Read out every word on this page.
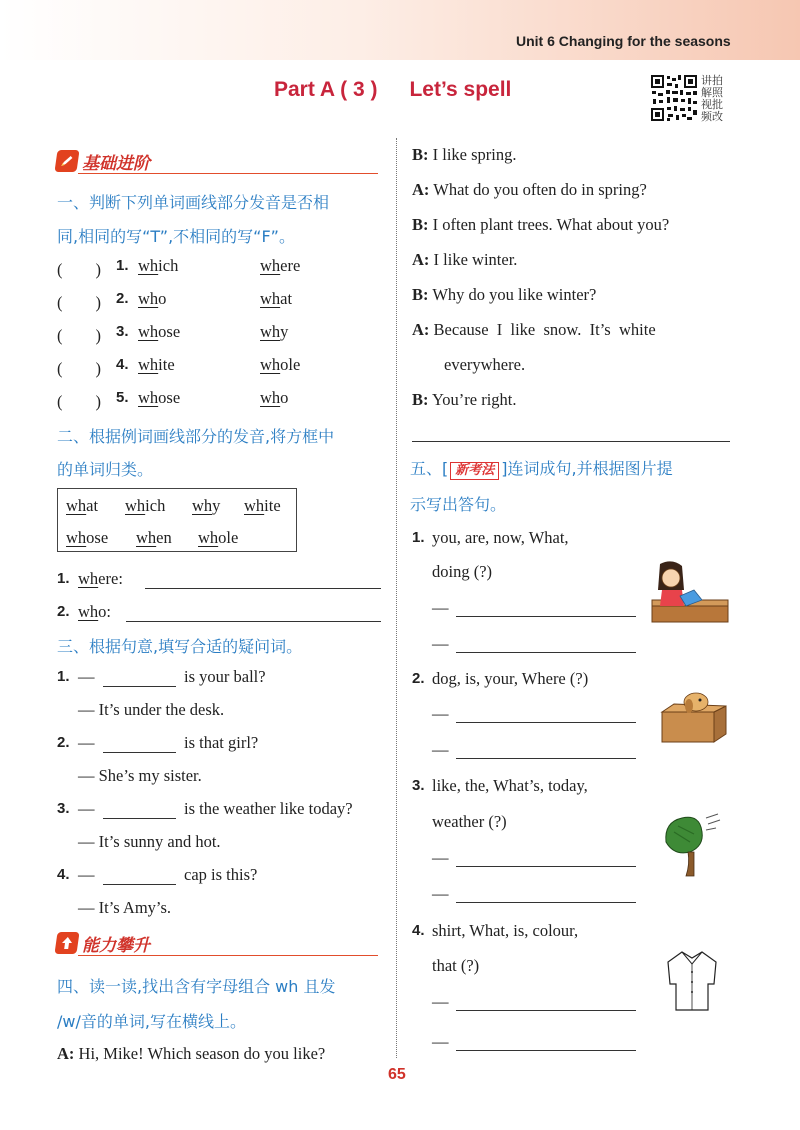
Unit 6 Changing for the seasons
Part A ( 3 ) Let’s spell	讲拍
解照
视批
频改
基础进阶
一、判断下列单词画线部分发音是否相
同,相同的写“T”,不相同的写“F”。
(　　) 1. which	where
(　　) 2. who	what
(　　) 3. whose	why
(　　) 4. white	whole
(　　) 5. whose	who
二、根据例词画线部分的发音,将方框中
的单词归类。
what which why white
whose when whole
1. where:
2. who:
三、根据句意,填写合适的疑问词。
1. —	is your ball?
— It’s under the desk.
2. —	is that girl?
— She’s my sister.
3. —	is the weather like today?
— It’s sunny and hot.
4. —	cap is this?
— It’s Amy’s.
能力攀升
四、读一读,找出含有字母组合 wh 且发
/w/音的单词,写在横线上。
A: Hi, Mike! Which season do you like?
B: I like spring.
A: What do you often do in spring?
B: I often plant trees. What about you?
A: I like winter.
B: Why do you like winter?
A: Because  I  like  snow.  It’s  white
everywhere.
B: You’re right.
五、[ 新考法 ]连词成句,并根据图片提
示写出答句。
1. you, are, now, What,
doing (?)
—
—
2. dog, is, your, Where (?)
—
—
3. like, the, What’s, today,
weather (?)
—
—
4. shirt, What, is, colour,
that (?)
—
—
65
